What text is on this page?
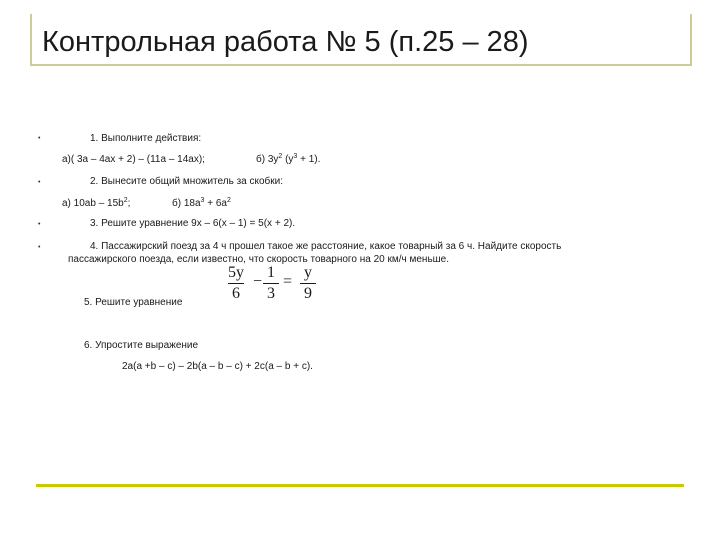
Контрольная работа № 5 (п.25 – 28)
•	1. Выполните действия:
а)( 3a – 4ax + 2) – (11a – 14ax);	б) $3y^2$ $(y^3 + 1)$.
•	2. Вынесите общий множитель за скобки:
а) $10ab - 15b^2$;	б) $18a^3 + 6a^2$
•	3. Решите уравнение 9x – 6(x – 1) = 5(x + 2).
•	4. Пассажирский поезд за 4 ч прошел такое же расстояние, какое товарный за 6 ч. Найдите скорость
пассажирского поезда, если известно, что скорость товарного на 20 км/ч меньше.
5y
6
−
1
3
=
y
9
5. Решите уравнение
6. Упростите выражение
2a(a +b – c) – 2b(a – b – c) + 2c(a – b + c).
